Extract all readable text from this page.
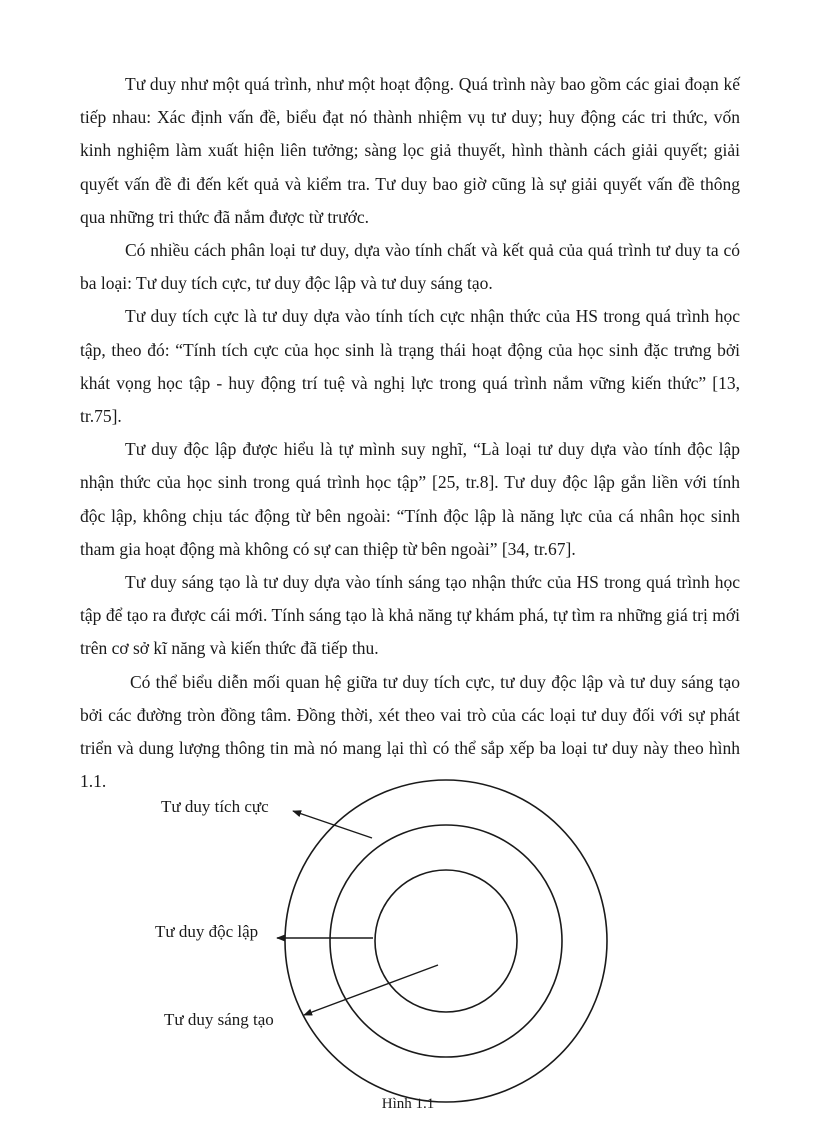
Tư duy như một quá trình, như một hoạt động. Quá trình này bao gồm các giai đoạn kế tiếp nhau: Xác định vấn đề, biểu đạt nó thành nhiệm vụ tư duy; huy động các tri thức, vốn kinh nghiệm làm xuất hiện liên tưởng; sàng lọc giả thuyết, hình thành cách giải quyết; giải quyết vấn đề đi đến kết quả và kiểm tra. Tư duy bao giờ cũng là sự giải quyết vấn đề thông qua những tri thức đã nắm được từ trước.

Có nhiều cách phân loại tư duy, dựa vào tính chất và kết quả của quá trình tư duy ta có ba loại: Tư duy tích cực, tư duy độc lập và tư duy sáng tạo.

Tư duy tích cực là tư duy dựa vào tính tích cực nhận thức của HS trong quá trình học tập, theo đó: “Tính tích cực của học sinh là trạng thái hoạt động của học sinh đặc trưng bởi khát vọng học tập - huy động trí tuệ và nghị lực trong quá trình nắm vững kiến thức” [13, tr.75].

Tư duy độc lập được hiểu là tự mình suy nghĩ, “Là loại tư duy dựa vào tính độc lập nhận thức của học sinh trong quá trình học tập” [25, tr.8]. Tư duy độc lập gắn liền với tính độc lập, không chịu tác động từ bên ngoài: “Tính độc lập là năng lực của cá nhân học sinh tham gia hoạt động mà không có sự can thiệp từ bên ngoài” [34, tr.67].

Tư duy sáng tạo là tư duy dựa vào tính sáng tạo nhận thức của HS trong quá trình học tập để tạo ra được cái mới. Tính sáng tạo là khả năng tự khám phá, tự tìm ra những giá trị mới trên cơ sở kĩ năng và kiến thức đã tiếp thu.

Có thể biểu diễn mối quan hệ giữa tư duy tích cực, tư duy độc lập và tư duy sáng tạo bởi các đường tròn đồng tâm. Đồng thời, xét theo vai trò của các loại tư duy đối với sự phát triển và dung lượng thông tin mà nó mang lại thì có thể sắp xếp ba loại tư duy này theo hình 1.1.

Tư duy tích cực
Tư duy độc lập
Tư duy sáng tạo
Hình 1.1
